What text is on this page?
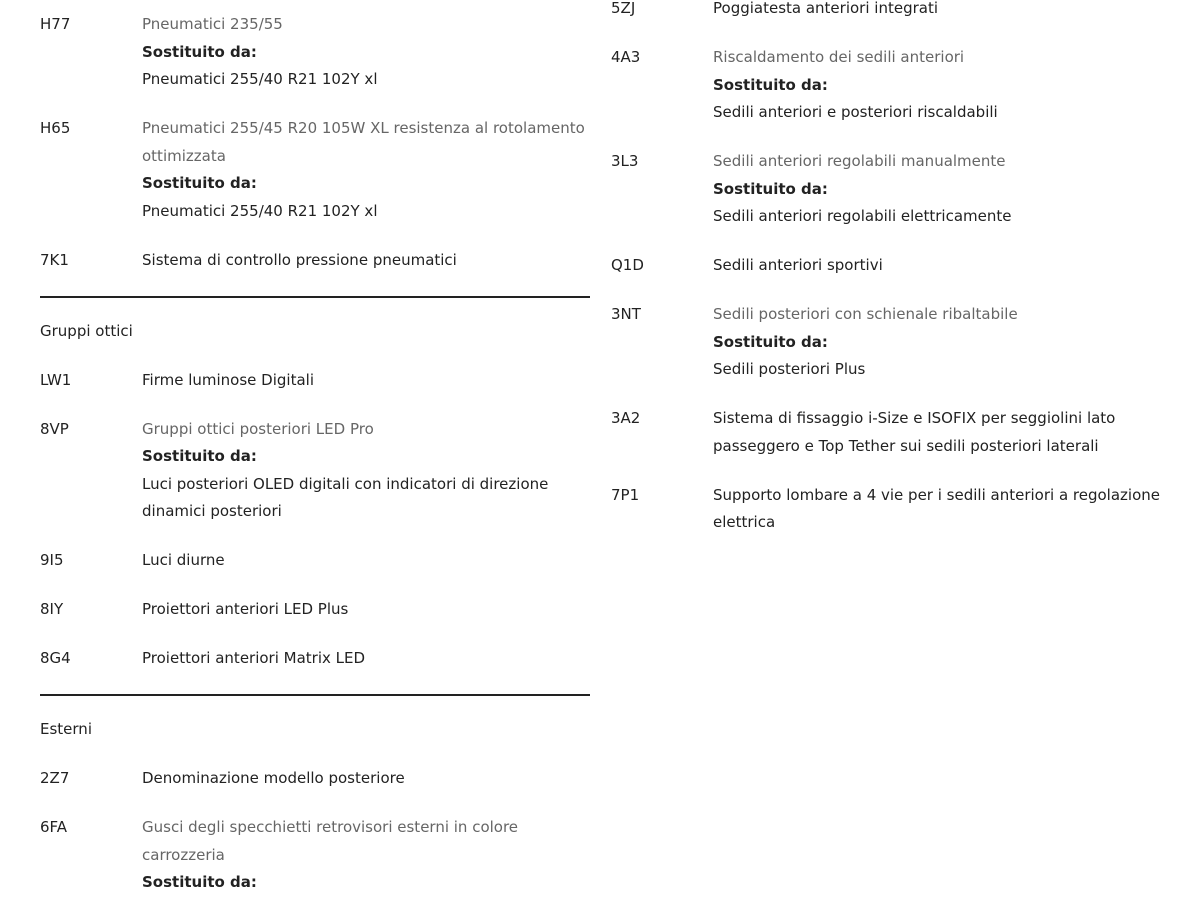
H77	Pneumatici 235/55
Sostituito da:
Pneumatici 255/40 R21 102Y xl
H65	Pneumatici 255/45 R20 105W XL resistenza al rotolamento ottimizzata
Sostituito da:
Pneumatici 255/40 R21 102Y xl
7K1	Sistema di controllo pressione pneumatici
Gruppi ottici
LW1	Firme luminose Digitali
8VP	Gruppi ottici posteriori LED Pro
Sostituito da:
Luci posteriori OLED digitali con indicatori di direzione dinamici posteriori
9I5	Luci diurne
8IY	Proiettori anteriori LED Plus
8G4	Proiettori anteriori Matrix LED
Esterni
2Z7	Denominazione modello posteriore
6FA	Gusci degli specchietti retrovisori esterni in colore carrozzeria
Sostituito da:
5ZJ	Poggiatesta anteriori integrati
4A3	Riscaldamento dei sedili anteriori
Sostituito da:
Sedili anteriori e posteriori riscaldabili
3L3	Sedili anteriori regolabili manualmente
Sostituito da:
Sedili anteriori regolabili elettricamente
Q1D	Sedili anteriori sportivi
3NT	Sedili posteriori con schienale ribaltabile
Sostituito da:
Sedili posteriori Plus
3A2	Sistema di fissaggio i-Size e ISOFIX per seggiolini lato passeggero e Top Tether sui sedili posteriori laterali
7P1	Supporto lombare a 4 vie per i sedili anteriori a regolazione elettrica
